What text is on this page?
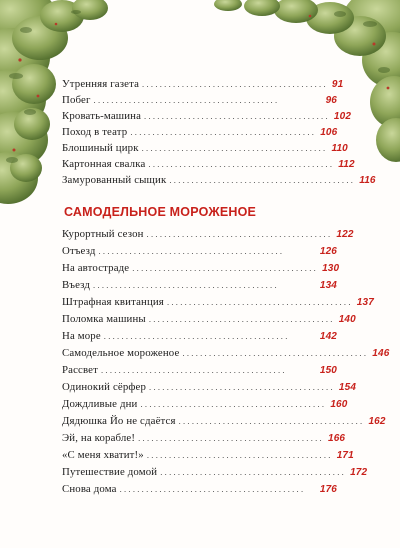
Утренняя газета .......................................... 91
Побег ..........................................	96
Кровать-машина .......................................... 102
Поход в театр .......................................... 106
Блошиный цирк .......................................... 110
Картонная свалка .......................................... 112
Замурованный сыщик .......................................... 116
САМОДЕЛЬНОЕ МОРОЖЕНОЕ
Курортный сезон .......................................... 122
Отъезд ..........................................	126
На автостраде .......................................... 130
Въезд ..........................................	134
Штрафная квитанция .......................................... 137
Поломка машины .......................................... 140
На море ..........................................	142
Самодельное мороженое .......................................... 146
Рассвет ..........................................	150
Одинокий сёрфер .......................................... 154
Дождливые дни .......................................... 160
Дядюшка Йо не сдаётся .......................................... 162
Эй, на корабле! .......................................... 166
«С меня хватит!» .......................................... 171
Путешествие домой .......................................... 172
Снова дома ..........................................	176
